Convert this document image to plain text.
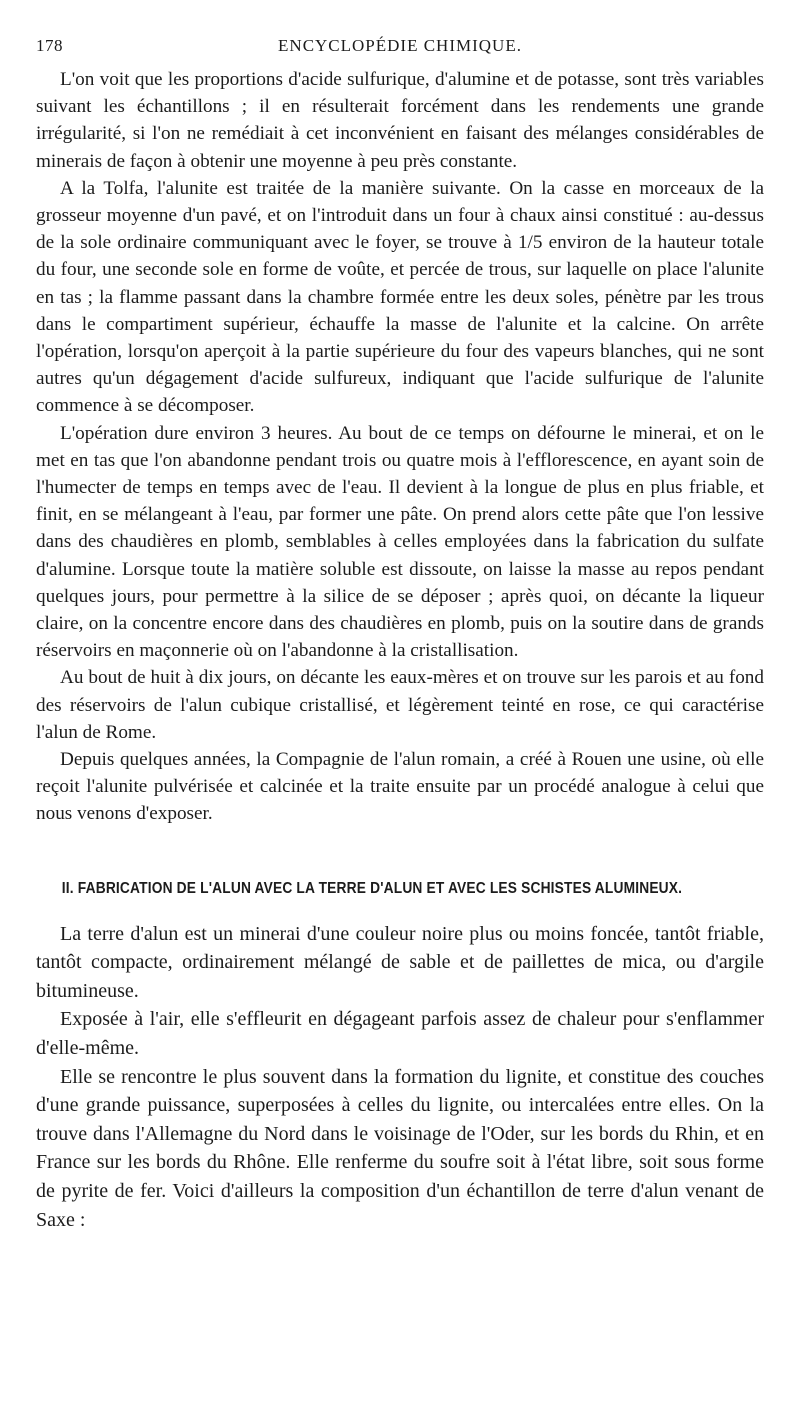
178	ENCYCLOPÉDIE CHIMIQUE.

L'on voit que les proportions d'acide sulfurique, d'alumine et de potasse, sont très variables suivant les échantillons ; il en résulterait forcément dans les rendements une grande irrégularité, si l'on ne remédiait à cet inconvénient en faisant des mélanges considérables de minerais de façon à obtenir une moyenne à peu près constante.

A la Tolfa, l'alunite est traitée de la manière suivante. On la casse en morceaux de la grosseur moyenne d'un pavé, et on l'introduit dans un four à chaux ainsi constitué : au-dessus de la sole ordinaire communiquant avec le foyer, se trouve à 1/5 environ de la hauteur totale du four, une seconde sole en forme de voûte, et percée de trous, sur laquelle on place l'alunite en tas ; la flamme passant dans la chambre formée entre les deux soles, pénètre par les trous dans le compartiment supérieur, échauffe la masse de l'alunite et la calcine. On arrête l'opération, lorsqu'on aperçoit à la partie supérieure du four des vapeurs blanches, qui ne sont autres qu'un dégagement d'acide sulfureux, indiquant que l'acide sulfurique de l'alunite commence à se décomposer.

L'opération dure environ 3 heures. Au bout de ce temps on défourne le minerai, et on le met en tas que l'on abandonne pendant trois ou quatre mois à l'efflorescence, en ayant soin de l'humecter de temps en temps avec de l'eau. Il devient à la longue de plus en plus friable, et finit, en se mélangeant à l'eau, par former une pâte. On prend alors cette pâte que l'on lessive dans des chaudières en plomb, semblables à celles employées dans la fabrication du sulfate d'alumine. Lorsque toute la matière soluble est dissoute, on laisse la masse au repos pendant quelques jours, pour permettre à la silice de se déposer ; après quoi, on décante la liqueur claire, on la concentre encore dans des chaudières en plomb, puis on la soutire dans de grands réservoirs en maçonnerie où on l'abandonne à la cristallisation.

Au bout de huit à dix jours, on décante les eaux-mères et on trouve sur les parois et au fond des réservoirs de l'alun cubique cristallisé, et légèrement teinté en rose, ce qui caractérise l'alun de Rome.

Depuis quelques années, la Compagnie de l'alun romain, a créé à Rouen une usine, où elle reçoit l'alunite pulvérisée et calcinée et la traite ensuite par un procédé analogue à celui que nous venons d'exposer.

II. FABRICATION DE L'ALUN AVEC LA TERRE D'ALUN ET AVEC LES SCHISTES ALUMINEUX.

La terre d'alun est un minerai d'une couleur noire plus ou moins foncée, tantôt friable, tantôt compacte, ordinairement mélangé de sable et de paillettes de mica, ou d'argile bitumineuse.

Exposée à l'air, elle s'effleurit en dégageant parfois assez de chaleur pour s'enflammer d'elle-même.

Elle se rencontre le plus souvent dans la formation du lignite, et constitue des couches d'une grande puissance, superposées à celles du lignite, ou intercalées entre elles. On la trouve dans l'Allemagne du Nord dans le voisinage de l'Oder, sur les bords du Rhin, et en France sur les bords du Rhône. Elle renferme du soufre soit à l'état libre, soit sous forme de pyrite de fer. Voici d'ailleurs la composition d'un échantillon de terre d'alun venant de Saxe :
